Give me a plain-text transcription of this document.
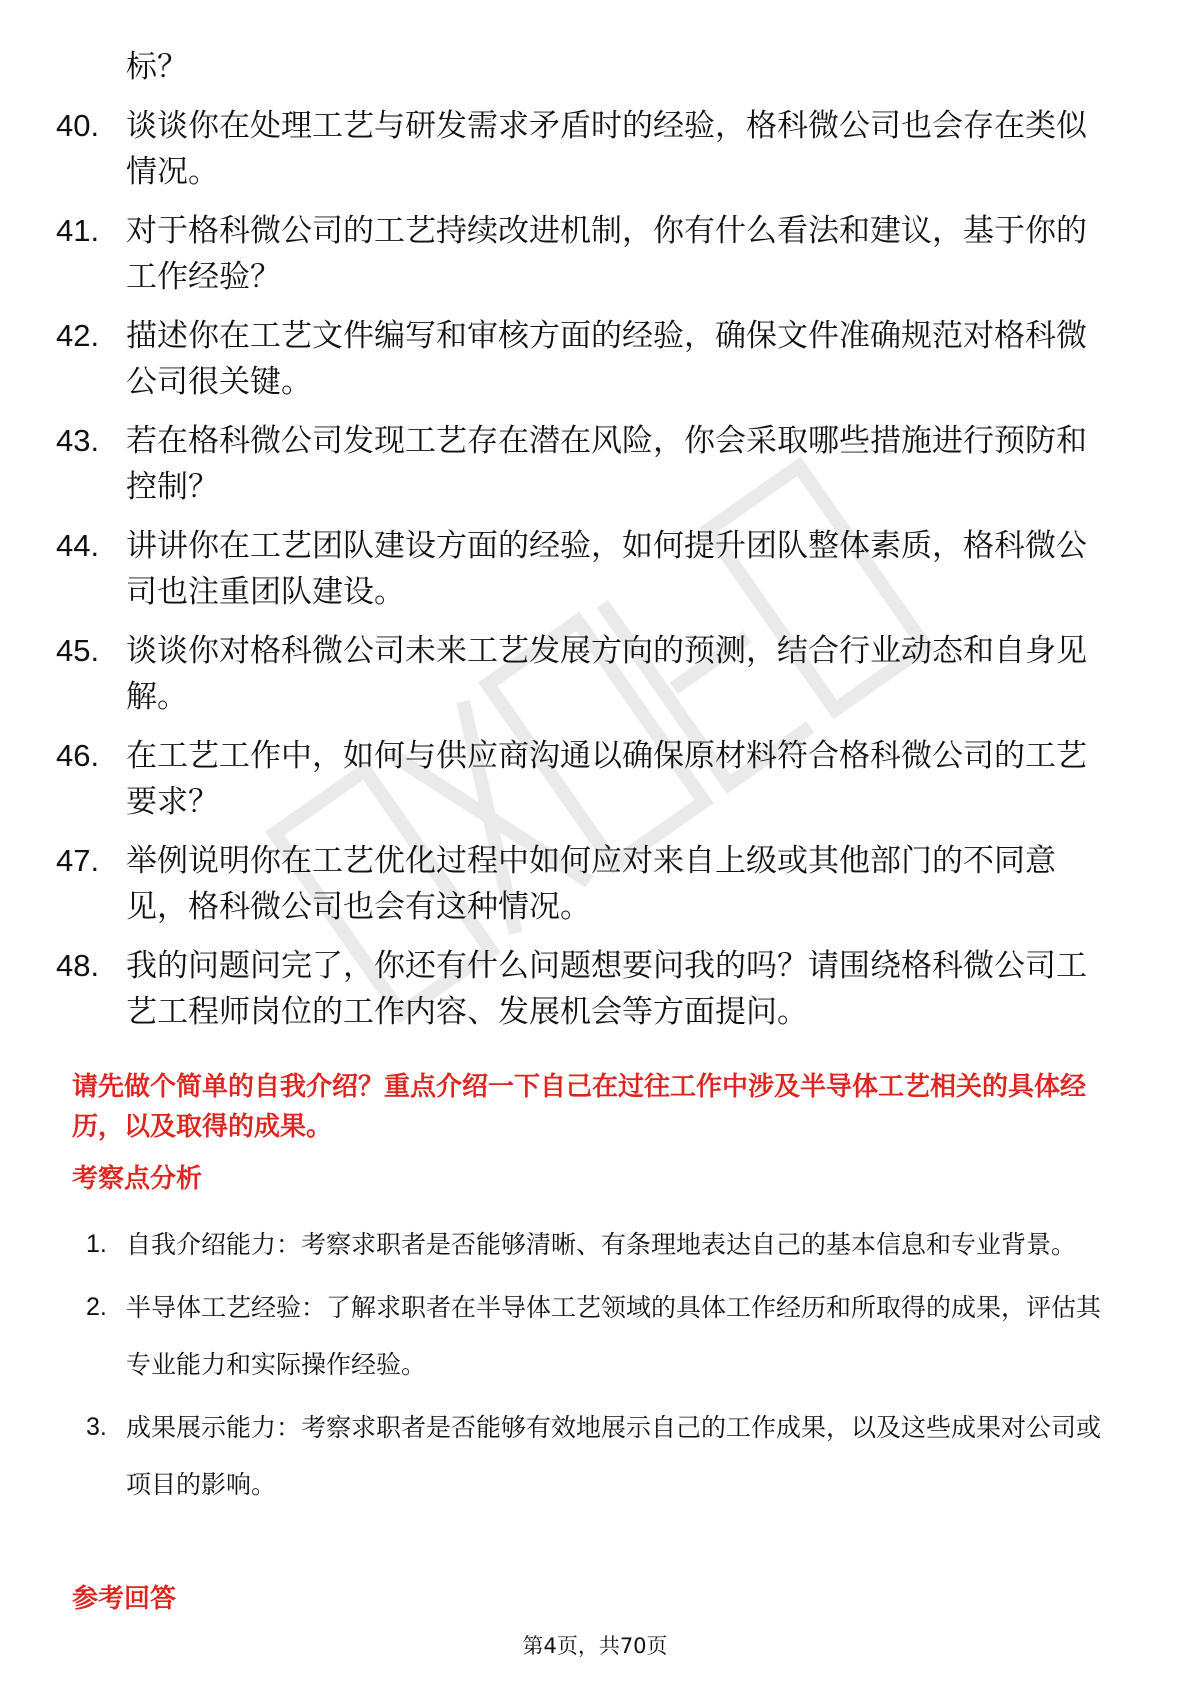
标？
40. 谈谈你在处理工艺与研发需求矛盾时的经验，格科微公司也会存在类似情况。
41. 对于格科微公司的工艺持续改进机制，你有什么看法和建议，基于你的工作经验？
42. 描述你在工艺文件编写和审核方面的经验，确保文件准确规范对格科微公司很关键。
43. 若在格科微公司发现工艺存在潜在风险，你会采取哪些措施进行预防和控制？
44. 讲讲你在工艺团队建设方面的经验，如何提升团队整体素质，格科微公司也注重团队建设。
45. 谈谈你对格科微公司未来工艺发展方向的预测，结合行业动态和自身见解。
46. 在工艺工作中，如何与供应商沟通以确保原材料符合格科微公司的工艺要求？
47. 举例说明你在工艺优化过程中如何应对来自上级或其他部门的不同意见，格科微公司也会有这种情况。
48. 我的问题问完了，你还有什么问题想要问我的吗？请围绕格科微公司工艺工程师岗位的工作内容、发展机会等方面提问。
请先做个简单的自我介绍？重点介绍一下自己在过往工作中涉及半导体工艺相关的具体经历，以及取得的成果。
考察点分析
1. 自我介绍能力：考察求职者是否能够清晰、有条理地表达自己的基本信息和专业背景。
2. 半导体工艺经验：了解求职者在半导体工艺领域的具体工作经历和所取得的成果，评估其专业能力和实际操作经验。
3. 成果展示能力：考察求职者是否能够有效地展示自己的工作成果，以及这些成果对公司或项目的影响。
参考回答
第4页，共70页
